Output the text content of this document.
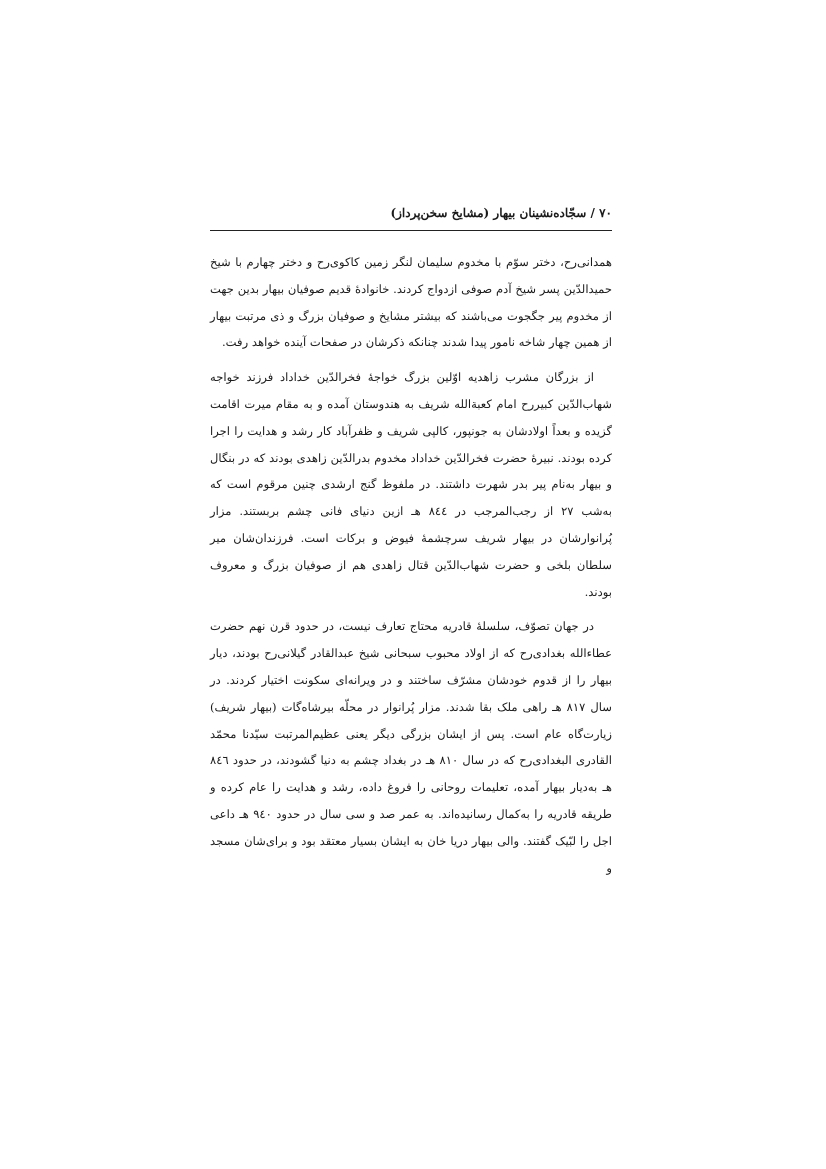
۷۰ / سجّاده‌نشینان بیهار (مشایخ سخن‌پرداز)

همدانی‌رح، دختر سوّم با مخدوم سلیمان لنگر زمین کاکوی‌رح و دختر چهارم با شیخ حمیدالدّین پسر شیخ آدم صوفی ازدواج کردند. خانوادهٔ قدیم صوفیان بیهار بدین جهت از مخدوم پیر جگجوت می‌باشند که بیشتر مشایخ و صوفیان بزرگ و ذی مرتبت بیهار از همین چهار شاخه نامور پیدا شدند چنانکه ذکرشان در صفحات آینده خواهد رفت.

از بزرگان مشرب زاهدیه اوّلین بزرگ خواجهٔ فخرالدّین خداداد فرزند خواجه شهاب‌الدّین کبیررح امام کعبةالله شریف به هندوستان آمده و به مقام میرت اقامت گزیده و بعداً اولادشان به جونپور، کالپی شریف و ظفرآباد کار رشد و هدایت را اجرا کرده بودند. نبیرهٔ حضرت فخرالدّین خداداد مخدوم بدرالدّین زاهدی بودند که در بنگال و بیهار به‌نام پیر بدر شهرت داشتند. در ملفوظ گنج ارشدی چنین مرقوم است که به‌شب ۲۷ از رجب‌المرجب در ۸٤٤ هـ ازین دنیای فانی چشم بربستند. مزار پُرانوارشان در بیهار شریف سرچشمهٔ فیوض و برکات است. فرزندان‌شان میر سلطان بلخی و حضرت شهاب‌الدّین قتال زاهدی هم از صوفیان بزرگ و معروف بودند.

در جهان تصوّف، سلسلهٔ قادریه محتاج تعارف نیست، در حدود قرن نهم حضرت عطاءالله بغدادی‌رح که از اولاد محبوب سبحانی شیخ عبدالقادر گیلانی‌رح بودند، دیار بیهار را از قدوم خودشان مشرّف ساختند و در ویرانه‌ای سکونت اختیار کردند. در سال ۸۱۷ هـ راهی ملک بقا شدند. مزار پُرانوار در محلّه بیرشاه‌گات (بیهار شریف) زیارت‌گاه عام است. پس از ایشان بزرگی دیگر یعنی عظیم‌المرتبت سیّدنا محمّد القادری البغدادی‌رح که در سال ۸۱۰ هـ در بغداد چشم به دنیا گشودند، در حدود ۸٤٦ هـ به‌دیار بیهار آمده، تعلیمات روحانی را فروغ داده، رشد و هدایت را عام کرده و طریقه قادریه را به‌کمال رسانیده‌اند. به عمر صد و سی سال در حدود ۹٤۰ هـ داعی اجل را لبّیک گفتند. والی بیهار دریا خان به ایشان بسیار معتقد بود و برای‌شان مسجد و
